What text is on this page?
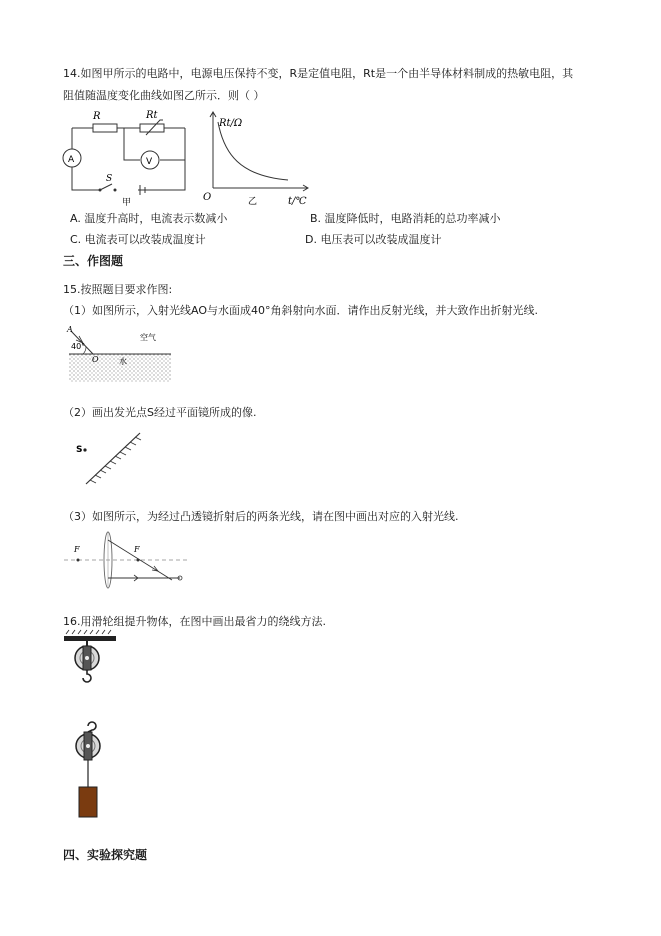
14.如图甲所示的电路中，电源电压保持不变，R是定值电阻，Rt是一个由半导体材料制成的热敏电阻，其
阻值随温度变化曲线如图乙所示．则（ ）
R	Rt
A	V
S
甲
Rt/Ω
O	t/℃
乙
A. 温度升高时，电流表示数减小	B. 温度降低时，电路消耗的总功率减小
C. 电流表可以改装成温度计	D. 电压表可以改装成温度计
三、作图题
15.按照题目要求作图:
（1）如图所示，入射光线AO与水面成40°角斜射向水面．请作出反射光线，并大致作出折射光线.
A
40°
O
空气
水
（2）画出发光点S经过平面镜所成的像.
S
（3）如图所示，为经过凸透镜折射后的两条光线，请在图中画出对应的入射光线.
F	F
16.用滑轮组提升物体，在图中画出最省力的绕线方法.
四、实验探究题
